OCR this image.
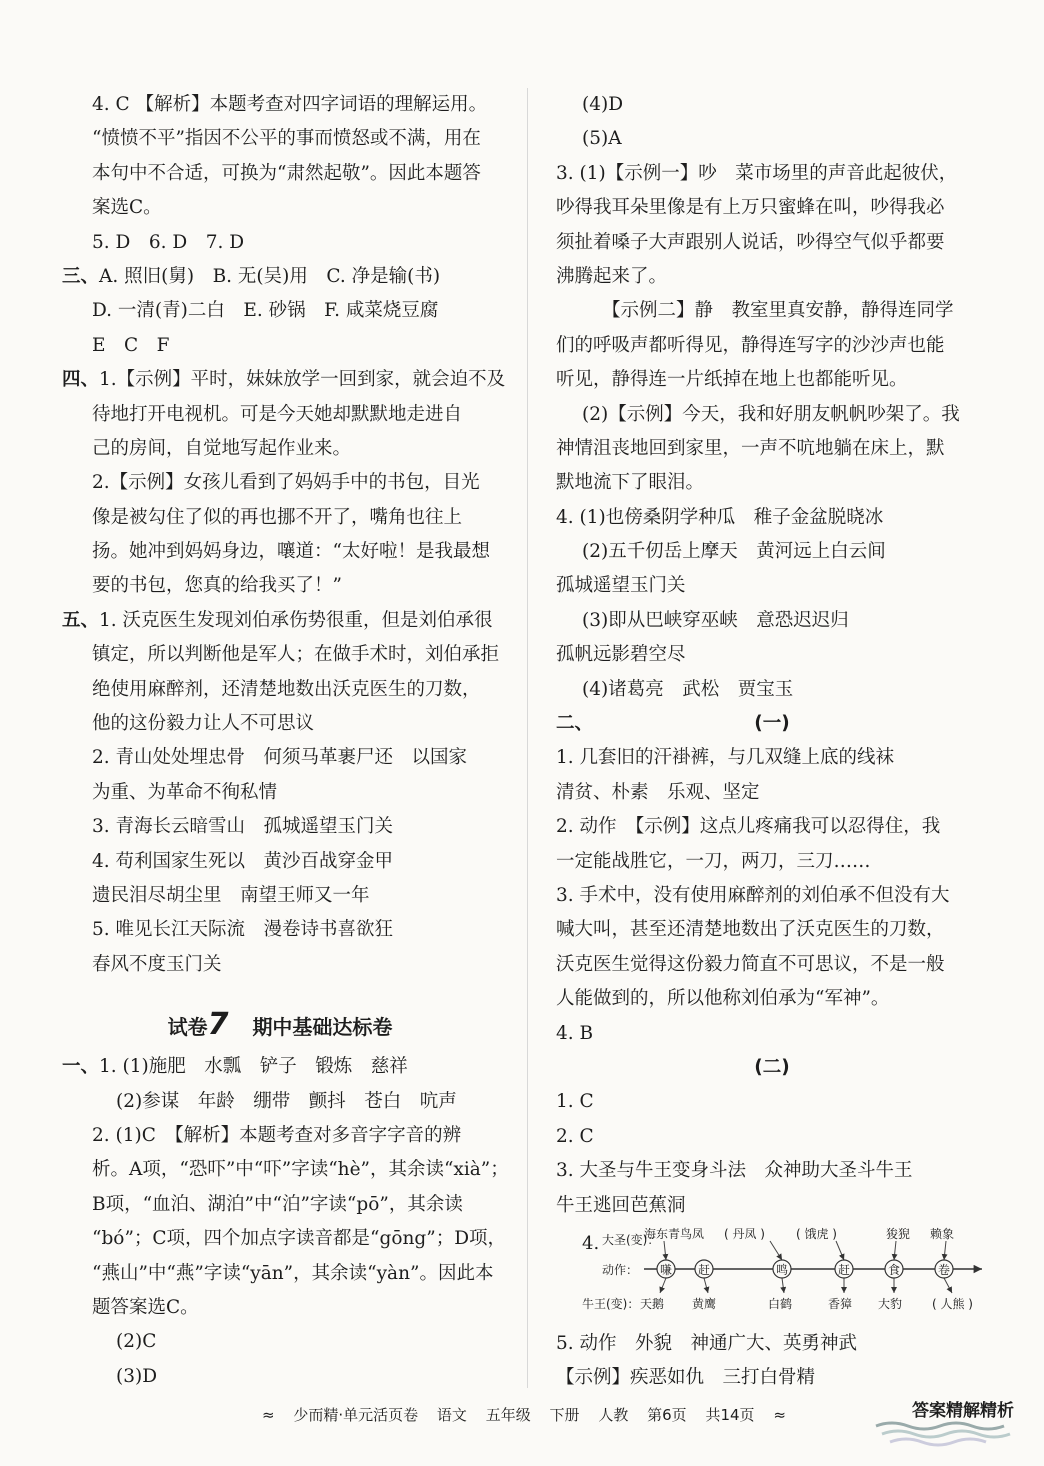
4. C 【解析】本题考查对四字词语的理解运用。
“愤愤不平”指因不公平的事而愤怒或不满，用在
本句中不合适，可换为“肃然起敬”。因此本题答
案选C。
5. D　6. D　7. D
三、A. 照旧(舅)　B. 无(吴)用　C. 净是输(书)
D. 一清(青)二白　E. 砂锅　F. 咸菜烧豆腐
E　C　F
四、1.【示例】平时，妹妹放学一回到家，就会迫不及
待地打开电视机。可是今天她却默默地走进自
己的房间，自觉地写起作业来。
2.【示例】女孩儿看到了妈妈手中的书包，目光
像是被勾住了似的再也挪不开了，嘴角也往上
扬。她冲到妈妈身边，嚷道：“太好啦！是我最想
要的书包，您真的给我买了！”
五、1. 沃克医生发现刘伯承伤势很重，但是刘伯承很
镇定，所以判断他是军人；在做手术时，刘伯承拒
绝使用麻醉剂，还清楚地数出沃克医生的刀数，
他的这份毅力让人不可思议
2. 青山处处埋忠骨　何须马革裹尸还　以国家
为重、为革命不徇私情
3. 青海长云暗雪山　孤城遥望玉门关
4. 苟利国家生死以　黄沙百战穿金甲
遗民泪尽胡尘里　南望王师又一年
5. 唯见长江天际流　漫卷诗书喜欲狂
春风不度玉门关
试卷7 期中基础达标卷
一、1. (1)施肥　水瓢　铲子　锻炼　慈祥
(2)参谋　年龄　绷带　颤抖　苍白　吭声
2. (1)C　【解析】本题考查对多音字字音的辨
析。A项，“恐吓”中“吓”字读“hè”，其余读“xià”；
B项，“血泊、湖泊”中“泊”字读“pō”，其余读
“bó”；C项，四个加点字读音都是“gōng”；D项，
“燕山”中“燕”字读“yān”，其余读“yàn”。因此本
题答案选C。
(2)C
(3)D
(4)D
(5)A
3. (1)【示例一】吵　菜市场里的声音此起彼伏，
吵得我耳朵里像是有上万只蜜蜂在叫，吵得我必
须扯着嗓子大声跟别人说话，吵得空气似乎都要
沸腾起来了。
【示例二】静　教室里真安静，静得连同学
们的呼吸声都听得见，静得连写字的沙沙声也能
听见，静得连一片纸掉在地上也都能听见。
(2)【示例】今天，我和好朋友帆帆吵架了。我
神情沮丧地回到家里，一声不吭地躺在床上，默
默地流下了眼泪。
4. (1)也傍桑阴学种瓜　稚子金盆脱晓冰
(2)五千仞岳上摩天　黄河远上白云间
孤城遥望玉门关
(3)即从巴峡穿巫峡　意恐迟迟归
孤帆远影碧空尽
(4)诸葛亮　武松　贾宝玉
二、	(一)
1. 几套旧的汗褂裤，与几双缝上底的线袜
清贫、朴素　乐观、坚定
2. 动作　【示例】这点儿疼痛我可以忍得住，我
一定能战胜它，一刀，两刀，三刀……
3. 手术中，没有使用麻醉剂的刘伯承不但没有大
喊大叫，甚至还清楚地数出了沃克医生的刀数，
沃克医生觉得这份毅力简直不可思议，不是一般
人能做到的，所以他称刘伯承为“军神”。
4. B
(二)
1. C
2. C
3. 大圣与牛王变身斗法　众神助大圣斗牛王
牛王逃回芭蕉洞
4. 大圣(变)：
动作：
牛王(变)：
海东青鸟凤 ( 丹凤 )	( 饿虎 )	狻猊 赖象
嗛 赶	鸣	赶	食	卷
天鹅 黄鹰	白鹤	香獐 大豹 ( 人熊 )
5. 动作　外貌　神通广大、英勇神武
【示例】疾恶如仇　三打白骨精
≈ 少而精·单元活页卷 语文 五年级 下册 人教 第6页 共14页 ≈	答案精解精析
